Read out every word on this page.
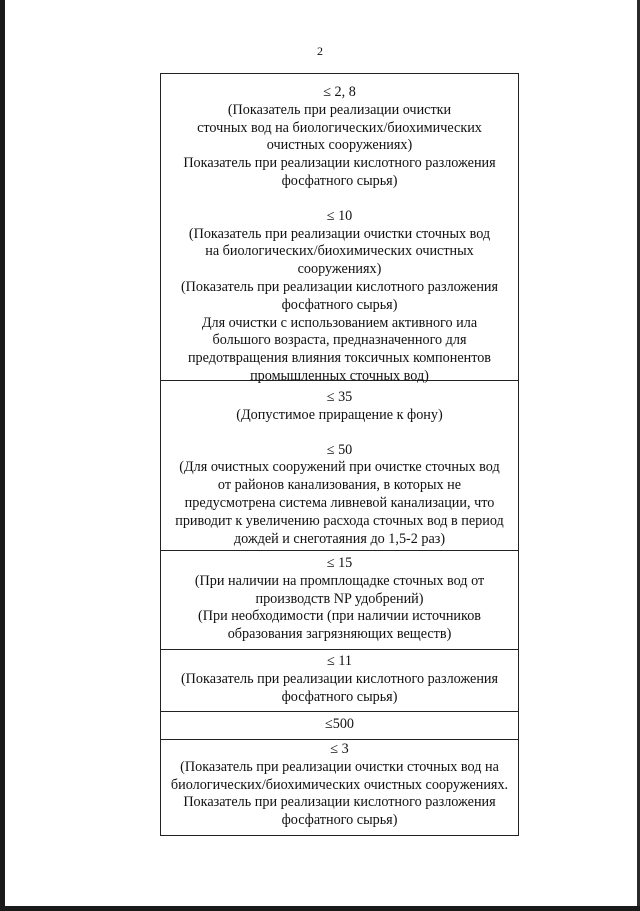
2

≤ 2, 8

(Показатель при реализации очистки

сточных вод на биологических/биохимических

очистных сооружениях)

Показатель при реализации кислотного разложения

фосфатного сырья)

≤ 10

(Показатель при реализации очистки сточных вод

на биологических/биохимических очистных

сооружениях)

(Показатель при реализации кислотного разложения

фосфатного сырья)

Для очистки с использованием активного ила

большого возраста, предназначенного для

предотвращения влияния токсичных компонентов

промышленных сточных вод)

≤ 35

(Допустимое приращение к фону)

≤ 50

(Для очистных сооружений при очистке сточных вод

от районов канализования, в которых не

предусмотрена система ливневой канализации, что

приводит к увеличению расхода сточных вод в период

дождей и снеготаяния до 1,5-2 раз)

≤ 15

(При наличии на промплощадке сточных вод от

производств NP удобрений)

(При необходимости (при наличии источников

образования загрязняющих веществ)

≤ 11

(Показатель при реализации кислотного разложения

фосфатного сырья)

≤500

≤ 3

(Показатель при реализации очистки сточных вод на

биологических/биохимических очистных сооружениях.

Показатель при реализации кислотного разложения

фосфатного сырья)
